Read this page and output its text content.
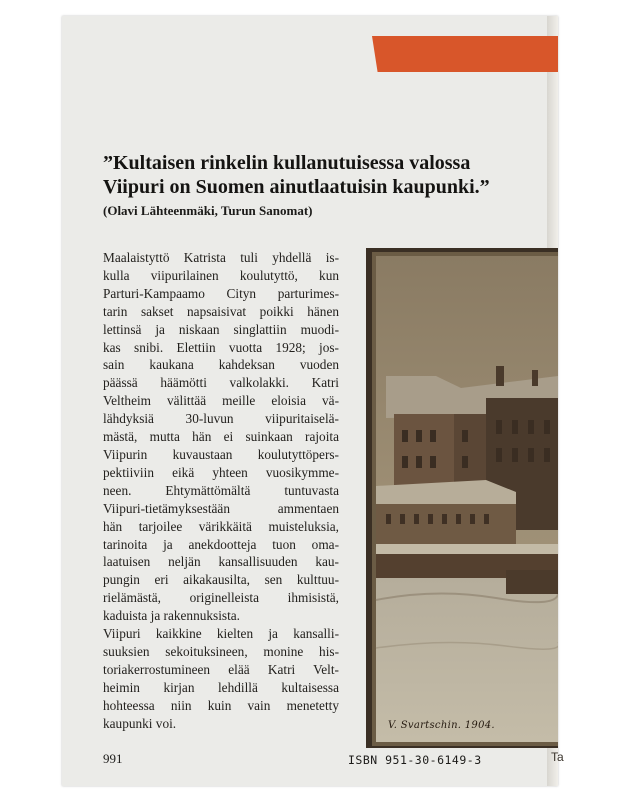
”Kultaisen rinkelin kullanutuisessa valossa
Viipuri on Suomen ainutlaatuisin kaupunki.”
(Olavi Lähteenmäki, Turun Sanomat)
Maalaistyttö Katrista tuli yhdellä is-
kulla viipurilainen koulutyttö, kun
Parturi-Kampaamo Cityn parturimes-
tarin sakset napsaisivat poikki hänen
lettinsä ja niskaan singlattiin muodi-
kas snibi. Elettiin vuotta 1928; jos-
sain kaukana kahdeksan vuoden
päässä häämötti valkolakki. Katri
Veltheim välittää meille eloisia vä-
lähdyksiä 30-luvun viipuritaiselä-
mästä, mutta hän ei suinkaan rajoita
Viipurin kuvaustaan koulutyttöpers-
pektiiviin eikä yhteen vuosikymme-
neen. Ehtymättömältä tuntuvasta
Viipuri-tietämyksestään ammentaen
hän tarjoilee värikkäitä muisteluksia,
tarinoita ja anekdootteja tuon oma-
laatuisen neljän kansallisuuden kau-
pungin eri aikakausilta, sen kulttuu-
rielämästä, originelleista ihmisistä,
kaduista ja rakennuksista.
Viipuri kaikkine kielten ja kansalli-
suuksien sekoituksineen, monine his-
toriakerrostumineen elää Katri Velt-
heimin kirjan lehdillä kultaisessa
hohteessa niin kuin vain menetetty
kaupunki voi.	V. Svartschin. 1904.
991	ISBN 951-30-6149-3	Ta
